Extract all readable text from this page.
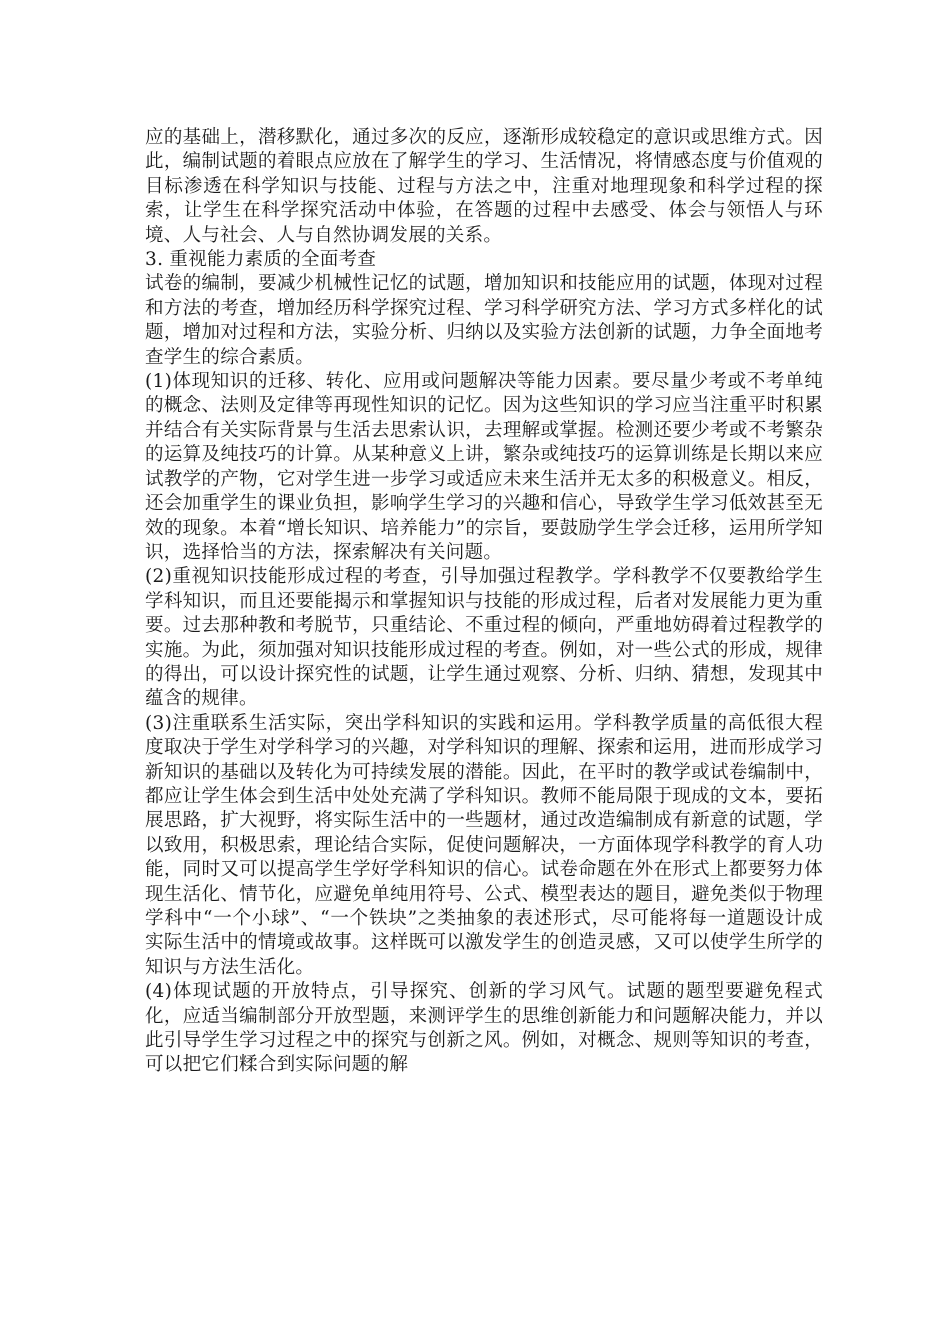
应的基础上，潜移默化，通过多次的反应，逐渐形成较稳定的意识或思维方式。因此，编制试题的着眼点应放在了解学生的学习、生活情况，将情感态度与价值观的目标渗透在科学知识与技能、过程与方法之中，注重对地理现象和科学过程的探索，让学生在科学探究活动中体验，在答题的过程中去感受、体会与领悟人与环境、人与社会、人与自然协调发展的关系。

3. 重视能力素质的全面考查

试卷的编制，要减少机械性记忆的试题，增加知识和技能应用的试题，体现对过程和方法的考查，增加经历科学探究过程、学习科学研究方法、学习方式多样化的试题，增加对过程和方法，实验分析、归纳以及实验方法创新的试题，力争全面地考查学生的综合素质。

(1)体现知识的迁移、转化、应用或问题解决等能力因素。要尽量少考或不考单纯的概念、法则及定律等再现性知识的记忆。因为这些知识的学习应当注重平时积累并结合有关实际背景与生活去思索认识，去理解或掌握。检测还要少考或不考繁杂的运算及纯技巧的计算。从某种意义上讲，繁杂或纯技巧的运算训练是长期以来应试教学的产物，它对学生进一步学习或适应未来生活并无太多的积极意义。相反，还会加重学生的课业负担，影响学生学习的兴趣和信心，导致学生学习低效甚至无效的现象。本着“增长知识、培养能力”的宗旨，要鼓励学生学会迁移，运用所学知识，选择恰当的方法，探索解决有关问题。

(2)重视知识技能形成过程的考查，引导加强过程教学。学科教学不仅要教给学生学科知识，而且还要能揭示和掌握知识与技能的形成过程，后者对发展能力更为重要。过去那种教和考脱节，只重结论、不重过程的倾向，严重地妨碍着过程教学的实施。为此，须加强对知识技能形成过程的考查。例如，对一些公式的形成，规律的得出，可以设计探究性的试题，让学生通过观察、分析、归纳、猜想，发现其中蕴含的规律。

(3)注重联系生活实际，突出学科知识的实践和运用。学科教学质量的高低很大程度取决于学生对学科学习的兴趣，对学科知识的理解、探索和运用，进而形成学习新知识的基础以及转化为可持续发展的潜能。因此，在平时的教学或试卷编制中，都应让学生体会到生活中处处充满了学科知识。教师不能局限于现成的文本，要拓展思路，扩大视野，将实际生活中的一些题材，通过改造编制成有新意的试题，学以致用，积极思索，理论结合实际，促使问题解决，一方面体现学科教学的育人功能，同时又可以提高学生学好学科知识的信心。试卷命题在外在形式上都要努力体现生活化、情节化，应避免单纯用符号、公式、模型表达的题目，避免类似于物理学科中“一个小球”、“一个铁块”之类抽象的表述形式，尽可能将每一道题设计成实际生活中的情境或故事。这样既可以激发学生的创造灵感，又可以使学生所学的知识与方法生活化。

(4)体现试题的开放特点，引导探究、创新的学习风气。试题的题型要避免程式化，应适当编制部分开放型题，来测评学生的思维创新能力和问题解决能力，并以此引导学生学习过程之中的探究与创新之风。例如，对概念、规则等知识的考查，可以把它们糅合到实际问题的解
